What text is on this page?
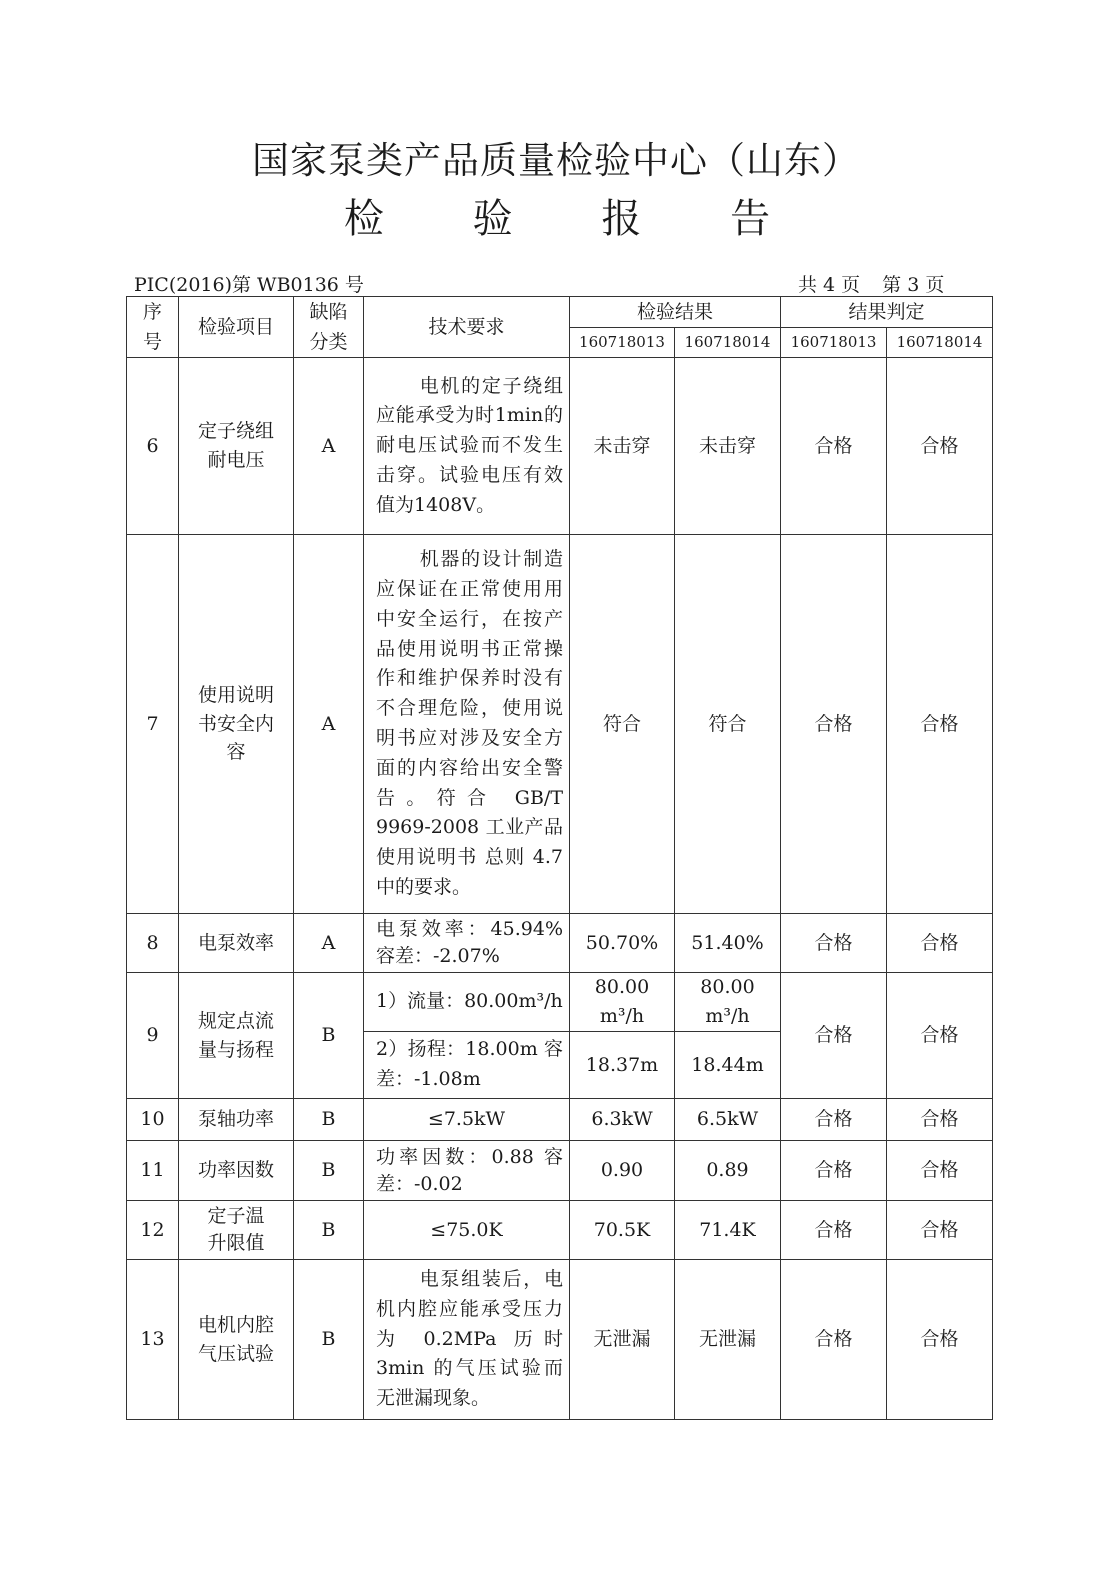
国家泵类产品质量检验中心（山东）
检 验 报 告
PIC(2016)第 WB0136 号	共 4 页 第 3 页
序号	检验项目	缺陷分类	技术要求	检验结果		结果判定	
				160718013	160718014	160718013	160718014
6	定子绕组耐电压	A	电机的定子绕组应能承受为时1min的耐电压试验而不发生击穿。试验电压有效值为1408V。	未击穿	未击穿	合格	合格
7	使用说明书安全内容	A	机器的设计制造应保证在正常使用用中安全运行，在按产品使用说明书正常操作和维护保养时没有不合理危险，使用说明书应对涉及安全方面的内容给出安全警告。符合 GB/T 9969-2008 工业产品使用说明书 总则 4.7 中的要求。	符合	符合	合格	合格
8	电泵效率	A	电泵效率：45.94% 容差：-2.07%	50.70%	51.40%	合格	合格
9	规定点流量与扬程	B	1）流量：80.00m³/h	80.00 m³/h	80.00 m³/h	合格	合格
			2）扬程：18.00m 容差：-1.08m	18.37m	18.44m		
10	泵轴功率	B	≤7.5kW	6.3kW	6.5kW	合格	合格
11	功率因数	B	功率因数：0.88 容差：-0.02	0.90	0.89	合格	合格
12	定子温升限值	B	≤75.0K	70.5K	71.4K	合格	合格
13	电机内腔气压试验	B	电泵组装后，电机内腔应能承受压力为 0.2MPa 历时 3min 的气压试验而无泄漏现象。	无泄漏	无泄漏	合格	合格
